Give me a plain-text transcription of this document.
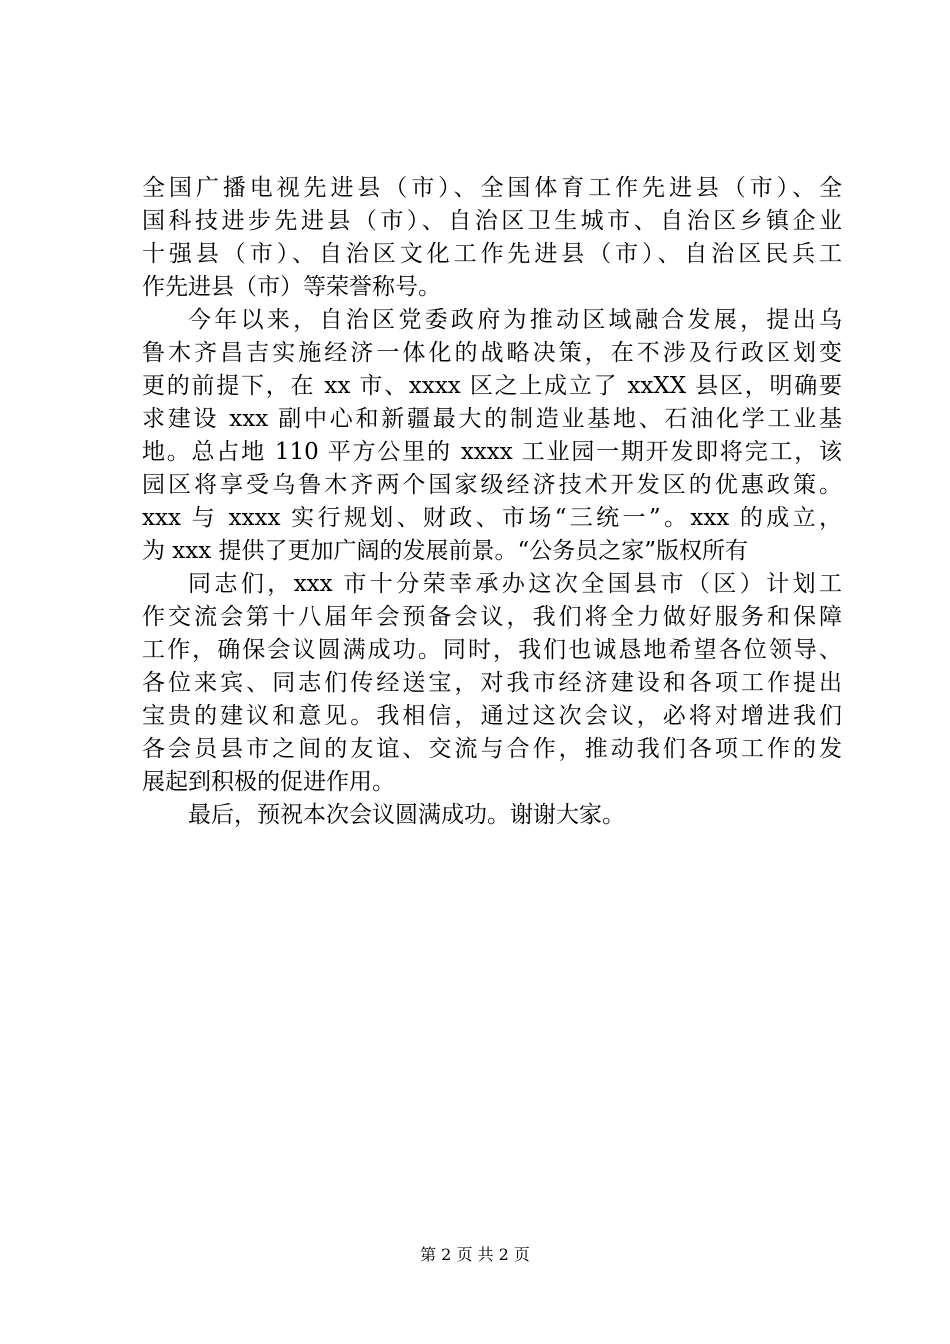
全国广播电视先进县（市）、全国体育工作先进县（市）、全
国科技进步先进县（市）、自治区卫生城市、自治区乡镇企业
十强县（市）、自治区文化工作先进县（市）、自治区民兵工
作先进县（市）等荣誉称号。
今年以来，自治区党委政府为推动区域融合发展，提出乌
鲁木齐昌吉实施经济一体化的战略决策，在不涉及行政区划变
更的前提下，在 xx 市、xxxx 区之上成立了 xxXX 县区，明确要
求建设 xxx 副中心和新疆最大的制造业基地、石油化学工业基
地。总占地 110 平方公里的 xxxx 工业园一期开发即将完工，该
园区将享受乌鲁木齐两个国家级经济技术开发区的优惠政策。
xxx 与 xxxx 实行规划、财政、市场“三统一”。xxx 的成立，
为 xxx 提供了更加广阔的发展前景。“公务员之家”版权所有
同志们，xxx 市十分荣幸承办这次全国县市（区）计划工
作交流会第十八届年会预备会议，我们将全力做好服务和保障
工作，确保会议圆满成功。同时，我们也诚恳地希望各位领导、
各位来宾、同志们传经送宝，对我市经济建设和各项工作提出
宝贵的建议和意见。我相信，通过这次会议，必将对增进我们
各会员县市之间的友谊、交流与合作，推动我们各项工作的发
展起到积极的促进作用。
最后，预祝本次会议圆满成功。谢谢大家。
第 2 页 共 2 页
